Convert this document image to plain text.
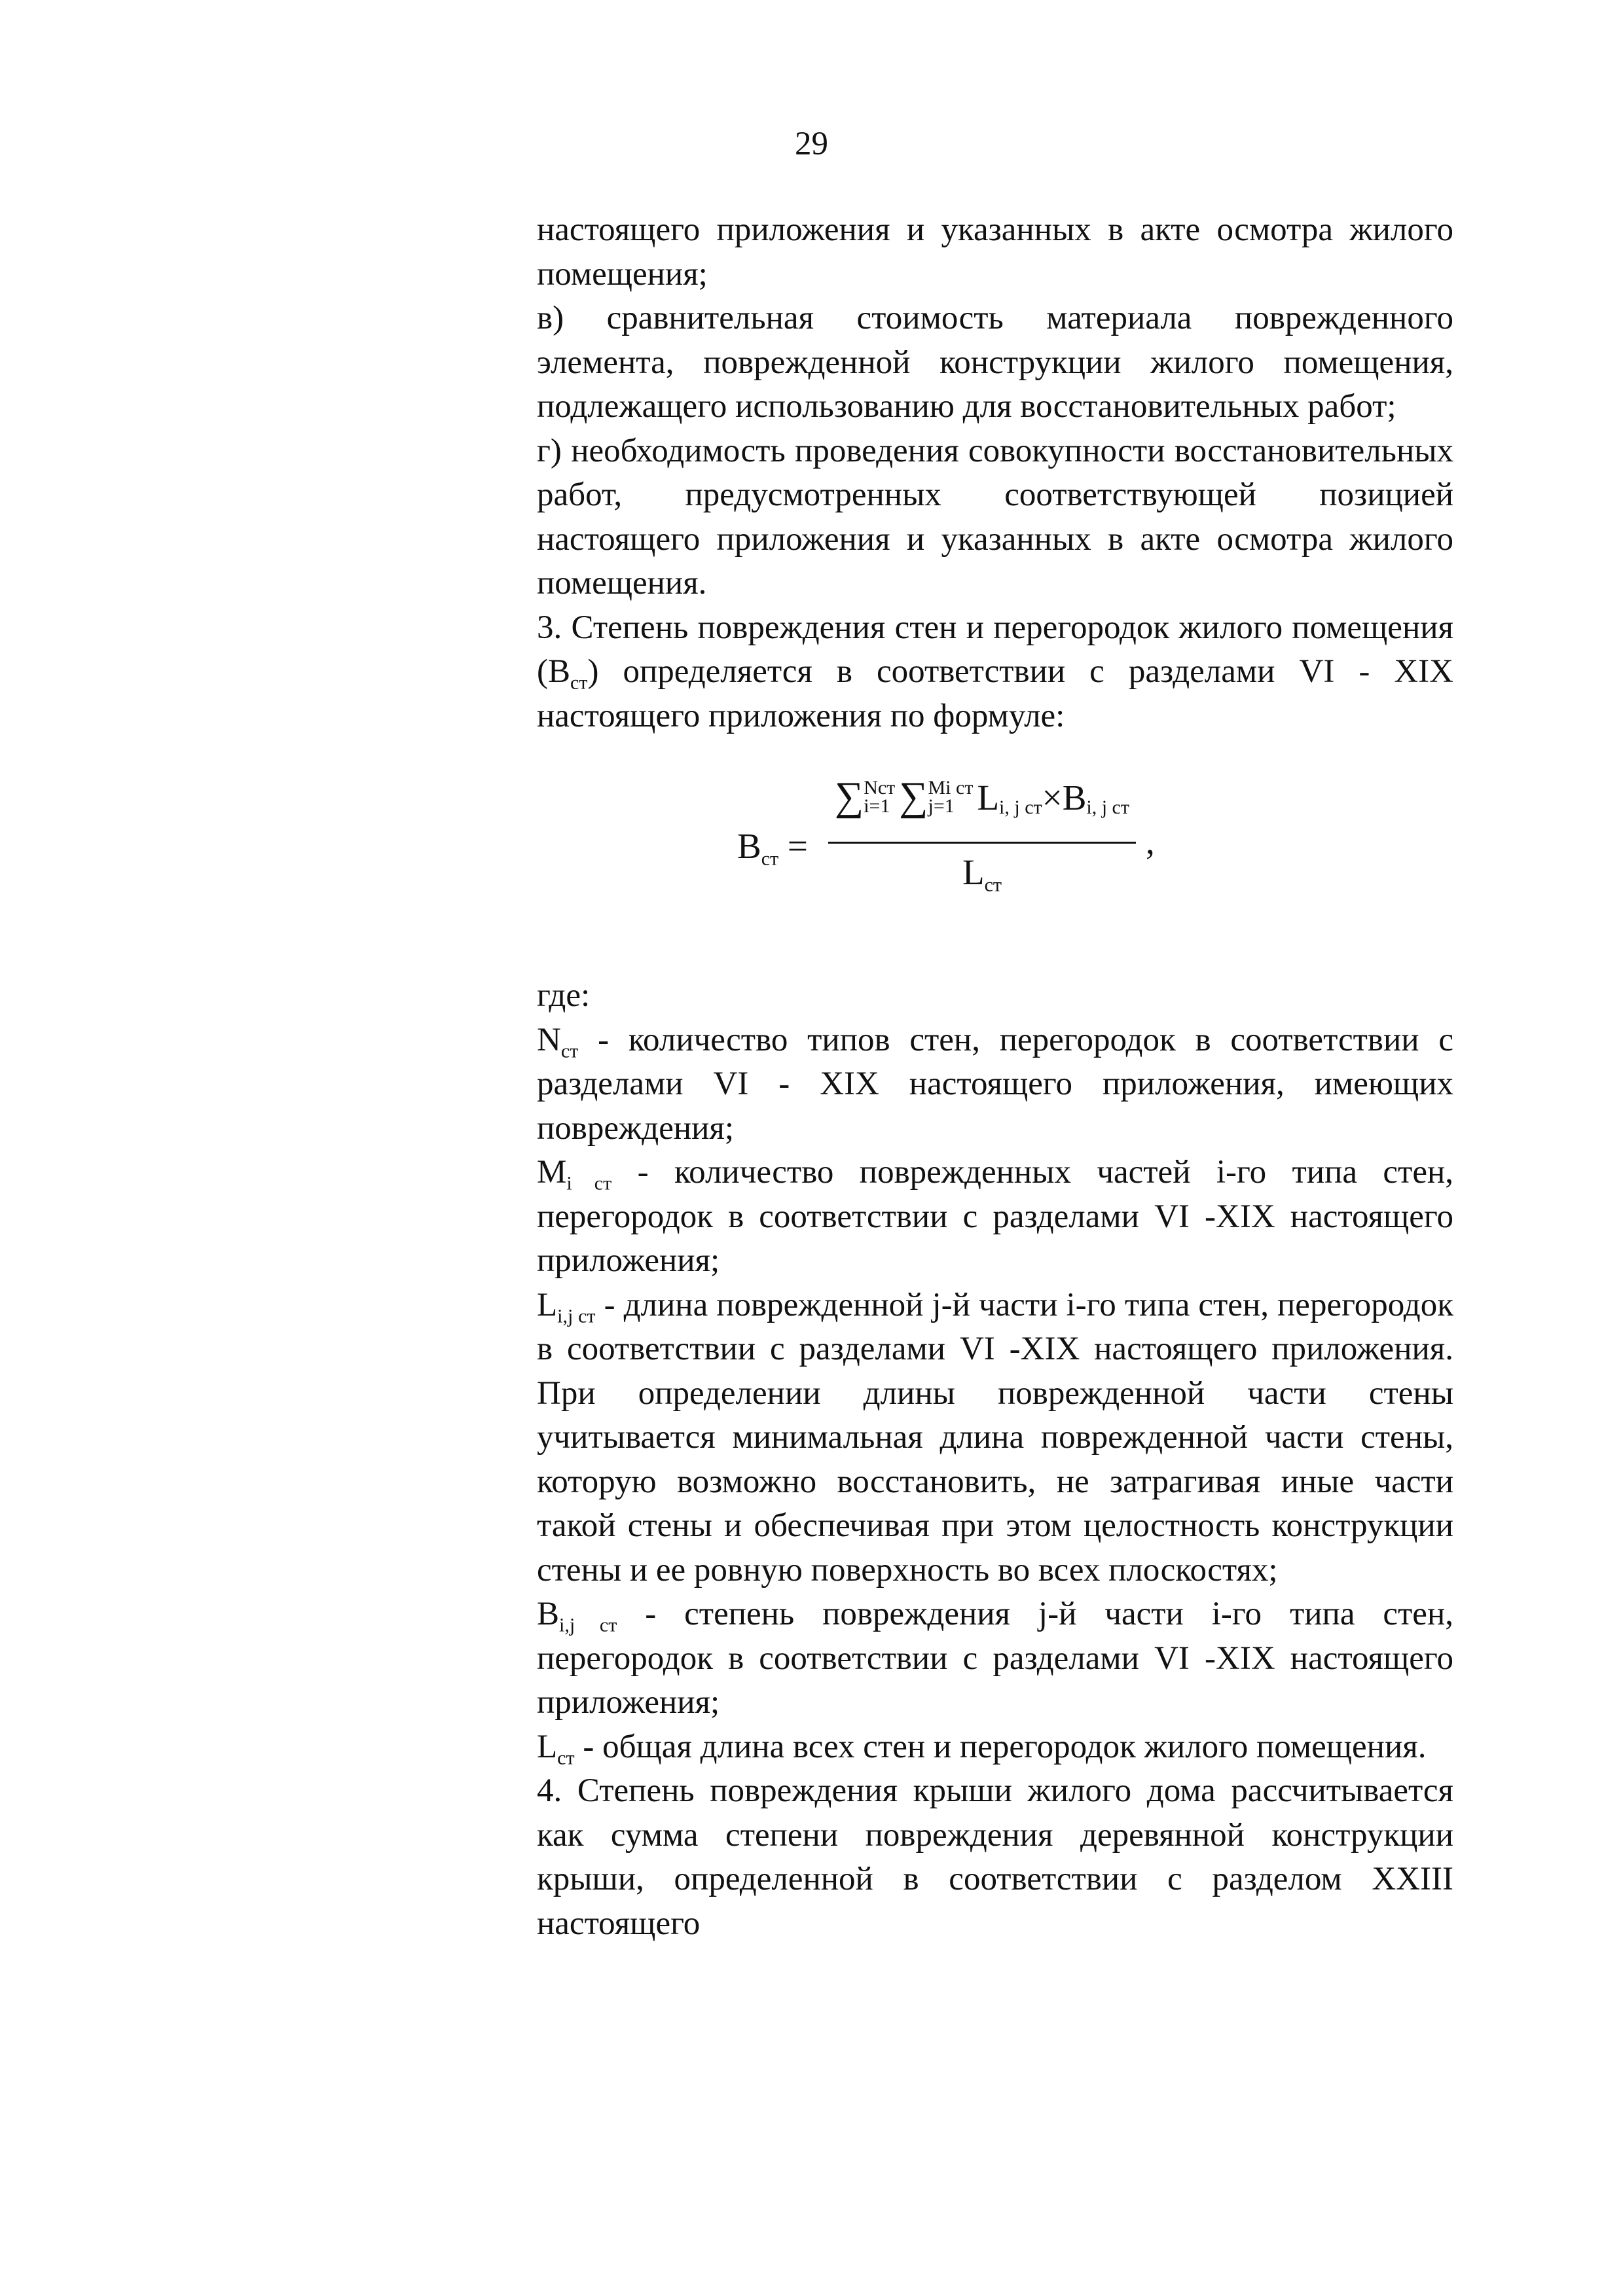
29

настоящего приложения и указанных в акте осмотра жилого помещения;

в) сравнительная стоимость материала поврежденного элемента, поврежденной конструкции жилого помещения, подлежащего использованию для восстановительных работ;

г) необходимость проведения совокупности восстановительных работ, предусмотренных соответствующей позицией настоящего приложения и указанных в акте осмотра жилого помещения.

3. Степень повреждения стен и перегородок жилого помещения $(В_{ст})$ определяется в соответствии с разделами VI - XIX настоящего приложения по формуле:

$В_{ст}$ =
∑ Nст
i=1 ∑ Mi ст
j=1 Li, j ст×Bi, j ст
$L_{ст}$
,

где:

$N_{ст}$ - количество типов стен, перегородок в соответствии с разделами VI - XIX настоящего приложения, имеющих повреждения;

$M_{i ст}$ - количество поврежденных частей i-го типа стен, перегородок в соответствии с разделами VI -XIX настоящего приложения;

$L_{i,j ст}$ - длина поврежденной j-й части i-го типа стен, перегородок в соответствии с разделами VI -XIX настоящего приложения. При определении длины поврежденной части стены учитывается минимальная длина поврежденной части стены, которую возможно восстановить, не затрагивая иные части такой стены и обеспечивая при этом целостность конструкции стены и ее ровную поверхность во всех плоскостях;

$В_{i,j ст}$ - степень повреждения j-й части i-го типа стен, перегородок в соответствии с разделами VI -XIX настоящего приложения;

$L_{ст}$ - общая длина всех стен и перегородок жилого помещения.

4. Степень повреждения крыши жилого дома рассчитывается как сумма степени повреждения деревянной конструкции крыши, определенной в соответствии с разделом XXIII настоящего
